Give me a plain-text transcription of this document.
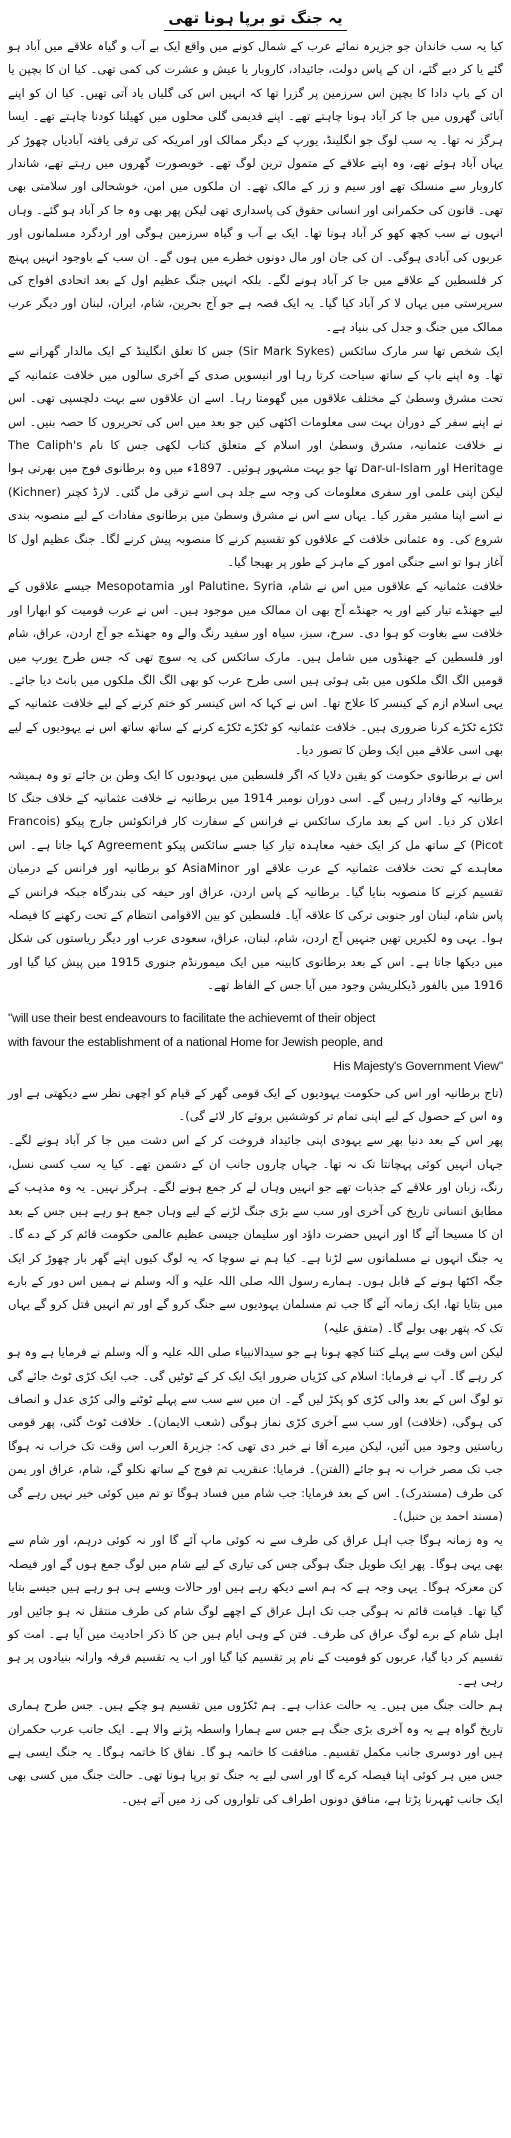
یہ جنگ تو برپا ہونا تھی

کیا یہ سب خاندان جو جزیرہ نمائے عرب کے شمال کونے میں واقع ایک بے آب و گیاہ علاقے میں آباد ہو گئے یا کر دیے گئے، ان کے پاس دولت، جائیداد، کاروبار یا عیش و عشرت کی کمی تھی۔ کیا ان کا بچپن یا ان کے باپ دادا کا بچپن اس سرزمین پر گزرا تھا کہ انہیں اس کی گلیاں یاد آتی تھیں۔ کیا ان کو اپنے آبائی گھروں میں جا کر آباد ہونا چاہتے تھے۔ اپنے قدیمی گلی محلوں میں کھیلنا کودنا چاہتے تھے۔ ایسا ہرگز نہ تھا۔ یہ سب لوگ جو انگلینڈ، یورپ کے دیگر ممالک اور امریکہ کی ترقی یافتہ آبادیاں چھوڑ کر یہاں آباد ہوئے تھے، وہ اپنے علاقے کے متمول ترین لوگ تھے۔ خوبصورت گھروں میں رہتے تھے، شاندار کاروبار سے منسلک تھے اور سیم و زر کے مالک تھے۔ ان ملکوں میں امن، خوشحالی اور سلامتی بھی تھی۔ قانون کی حکمرانی اور انسانی حقوق کی پاسداری تھی لیکن پھر بھی وہ جا کر آباد ہو گئے۔ وہاں انہوں نے سب کچھ کھو کر آباد ہونا تھا۔ ایک بے آب و گیاہ سرزمین ہوگی اور اردگرد مسلمانوں اور عربوں کی آبادی ہوگی۔ ان کی جان اور مال دونوں خطرے میں ہوں گے۔ ان سب کے باوجود انہیں پہنچ کر فلسطین کے علاقے میں جا کر آباد ہونے لگے۔ بلکہ انہیں جنگ عظیم اول کے بعد اتحادی افواج کی سرپرستی میں یہاں لا کر آباد کیا گیا۔ یہ ایک قصہ ہے جو آج بحرین، شام، ایران، لبنان اور دیگر عرب ممالک میں جنگ و جدل کی بنیاد ہے۔

ایک شخص تھا سر مارک سائکس (Sir Mark Sykes) جس کا تعلق انگلینڈ کے ایک مالدار گھرانے سے تھا۔ وہ اپنے باپ کے ساتھ سیاحت کرتا رہا اور انیسویں صدی کے آخری سالوں میں خلافت عثمانیہ کے تحت مشرق وسطیٰ کے مختلف علاقوں میں گھومتا رہا۔ اسے ان علاقوں سے بہت دلچسپی تھی۔ اس نے اپنے سفر کے دوران بہت سی معلومات اکٹھی کیں جو بعد میں اس کی تحریروں کا حصہ بنیں۔ اس نے خلافت عثمانیہ، مشرق وسطیٰ اور اسلام کے متعلق کتاب لکھی جس کا نام The Caliph's Heritage اور Dar-ul-Islam تھا جو بہت مشہور ہوئیں۔ 1897ء میں وہ برطانوی فوج میں بھرتی ہوا لیکن اپنی علمی اور سفری معلومات کی وجہ سے جلد ہی اسے ترقی مل گئی۔ لارڈ کچنر (Kichner) نے اسے اپنا مشیر مقرر کیا۔ یہاں سے اس نے مشرق وسطیٰ میں برطانوی مفادات کے لیے منصوبہ بندی شروع کی۔ وہ عثمانی خلافت کے علاقوں کو تقسیم کرنے کا منصوبہ پیش کرنے لگا۔ جنگ عظیم اول کا آغاز ہوا تو اسے جنگی امور کے ماہر کے طور پر بھیجا گیا۔

خلافت عثمانیہ کے علاقوں میں اس نے شام، Palutine، Syria اور Mesopotamia جیسے علاقوں کے لیے جھنڈے تیار کیے اور یہ جھنڈے آج بھی ان ممالک میں موجود ہیں۔ اس نے عرب قومیت کو ابھارا اور خلافت سے بغاوت کو ہوا دی۔ سرخ، سبز، سیاہ اور سفید رنگ والے وہ جھنڈے جو آج اردن، عراق، شام اور فلسطین کے جھنڈوں میں شامل ہیں۔ مارک سائکس کی یہ سوچ تھی کہ جس طرح یورپ میں قومیں الگ الگ ملکوں میں بٹی ہوئی ہیں اسی طرح عرب کو بھی الگ الگ ملکوں میں بانٹ دیا جائے۔ یہی اسلام ازم کے کینسر کا علاج تھا۔ اس نے کہا کہ اس کینسر کو ختم کرنے کے لیے خلافت عثمانیہ کے ٹکڑے ٹکڑے کرنا ضروری ہیں۔ خلافت عثمانیہ کو ٹکڑے ٹکڑے کرنے کے ساتھ ساتھ اس نے یہودیوں کے لیے بھی اسی علاقے میں ایک وطن کا تصور دیا۔

اس نے برطانوی حکومت کو یقین دلایا کہ اگر فلسطین میں یہودیوں کا ایک وطن بن جائے تو وہ ہمیشہ برطانیہ کے وفادار رہیں گے۔ اسی دوران نومبر 1914 میں برطانیہ نے خلافت عثمانیہ کے خلاف جنگ کا اعلان کر دیا۔ اس کے بعد مارک سائکس نے فرانس کے سفارت کار فرانکوئس جارج پیکو (Francois Picot) کے ساتھ مل کر ایک خفیہ معاہدہ تیار کیا جسے سائکس پیکو Agreement کہا جاتا ہے۔ اس معاہدے کے تحت خلافت عثمانیہ کے عرب علاقے اور AsiaMinor کو برطانیہ اور فرانس کے درمیان تقسیم کرنے کا منصوبہ بنایا گیا۔ برطانیہ کے پاس اردن، عراق اور حیفہ کی بندرگاہ جبکہ فرانس کے پاس شام، لبنان اور جنوبی ترکی کا علاقہ آیا۔ فلسطین کو بین الاقوامی انتظام کے تحت رکھنے کا فیصلہ ہوا۔ یہی وہ لکیریں تھیں جنہیں آج اردن، شام، لبنان، عراق، سعودی عرب اور دیگر ریاستوں کی شکل میں دیکھا جاتا ہے۔ اس کے بعد برطانوی کابینہ میں ایک میمورنڈم جنوری 1915 میں پیش کیا گیا اور 1916 میں بالفور ڈیکلریشن وجود میں آیا جس کے الفاظ تھے۔

"will use their best endeavours to facilitate the achievemt of their object
with favour the establishment of a national Home for Jewish people, and
His Majesty's Government View"

(تاج برطانیہ اور اس کی حکومت یہودیوں کے ایک قومی گھر کے قیام کو اچھی نظر سے دیکھتی ہے اور وہ اس کے حصول کے لیے اپنی تمام تر کوششیں بروئے کار لائے گی)۔

پھر اس کے بعد دنیا بھر سے یہودی اپنی جائیداد فروخت کر کے اس دشت میں جا کر آباد ہونے لگے۔ جہاں انہیں کوئی پہچانتا تک نہ تھا۔ جہاں چاروں جانب ان کے دشمن تھے۔ کیا یہ سب کسی نسل، رنگ، زبان اور علاقے کے جذبات تھے جو انہیں وہاں لے کر جمع ہونے لگے۔ ہرگز نہیں۔ یہ وہ مذہب کے مطابق انسانی تاریخ کی آخری اور سب سے بڑی جنگ لڑنے کے لیے وہاں جمع ہو رہے ہیں جس کے بعد ان کا مسیحا آئے گا اور انہیں حضرت داؤد اور سلیمان جیسی عظیم عالمی حکومت قائم کر کے دے گا۔ یہ جنگ انہوں نے مسلمانوں سے لڑنا ہے۔ کیا ہم نے سوچا کہ یہ لوگ کیوں اپنے گھر بار چھوڑ کر ایک جگہ اکٹھا ہونے کے قابل ہوں۔ ہمارے رسول اللہ صلی اللہ علیہ و آلہ وسلم نے ہمیں اس دور کے بارے میں بتایا تھا، ایک زمانہ آئے گا جب تم مسلمان یہودیوں سے جنگ کرو گے اور تم انہیں قتل کرو گے یہاں تک کہ پتھر بھی بولے گا۔ (متفق علیہ)

لیکن اس وقت سے پہلے کتنا کچھ ہونا ہے جو سیدالانبیاء صلی اللہ علیہ و آلہ وسلم نے فرمایا ہے وہ ہو کر رہے گا۔ آپ نے فرمایا: اسلام کی کڑیاں ضرور ایک ایک کر کے ٹوٹیں گی۔ جب ایک کڑی ٹوٹ جائے گی تو لوگ اس کے بعد والی کڑی کو پکڑ لیں گے۔ ان میں سے سب سے پہلے ٹوٹنے والی کڑی عدل و انصاف کی ہوگی، (خلافت) اور سب سے آخری کڑی نماز ہوگی (شعب الایمان)۔ خلافت ٹوٹ گئی، پھر قومی ریاستیں وجود میں آئیں، لیکن میرے آقا نے خبر دی تھی کہ: جزیرۃ العرب اس وقت تک خراب نہ ہوگا جب تک مصر خراب نہ ہو جائے (الفتن)۔ فرمایا: عنقریب تم فوج کے ساتھ نکلو گے، شام، عراق اور یمن کی طرف (مستدرک)۔ اس کے بعد فرمایا: جب شام میں فساد ہوگا تو تم میں کوئی خیر نہیں رہے گی (مسند احمد بن حنبل)۔

یہ وہ زمانہ ہوگا جب اہل عراق کی طرف سے نہ کوئی ماپ آئے گا اور نہ کوئی درہم، اور شام سے بھی یہی ہوگا۔ پھر ایک طویل جنگ ہوگی جس کی تیاری کے لیے شام میں لوگ جمع ہوں گے اور فیصلہ کن معرکہ ہوگا۔ یہی وجہ ہے کہ ہم اسے دیکھ رہے ہیں اور حالات ویسے ہی ہو رہے ہیں جیسے بتایا گیا تھا۔ قیامت قائم نہ ہوگی جب تک اہل عراق کے اچھے لوگ شام کی طرف منتقل نہ ہو جائیں اور اہل شام کے برے لوگ عراق کی طرف۔ فتن کے وہی ایام ہیں جن کا ذکر احادیث میں آیا ہے۔ امت کو تقسیم کر دیا گیا، عربوں کو قومیت کے نام پر تقسیم کیا گیا اور اب یہ تقسیم فرقہ وارانہ بنیادوں پر ہو رہی ہے۔

ہم حالت جنگ میں ہیں۔ یہ حالت عذاب ہے۔ ہم ٹکڑوں میں تقسیم ہو چکے ہیں۔ جس طرح ہماری تاریخ گواہ ہے یہ وہ آخری بڑی جنگ ہے جس سے ہمارا واسطہ پڑنے والا ہے۔ ایک جانب عرب حکمران ہیں اور دوسری جانب مکمل تقسیم۔ منافقت کا خاتمہ ہو گا۔ نفاق کا خاتمہ ہوگا۔ یہ جنگ ایسی ہے جس میں ہر کوئی اپنا فیصلہ کرے گا اور اسی لیے یہ جنگ تو برپا ہونا تھی۔ حالت جنگ میں کسی بھی ایک جانب ٹھہرنا پڑتا ہے، منافق دونوں اطراف کی تلواروں کی زد میں آتے ہیں۔
